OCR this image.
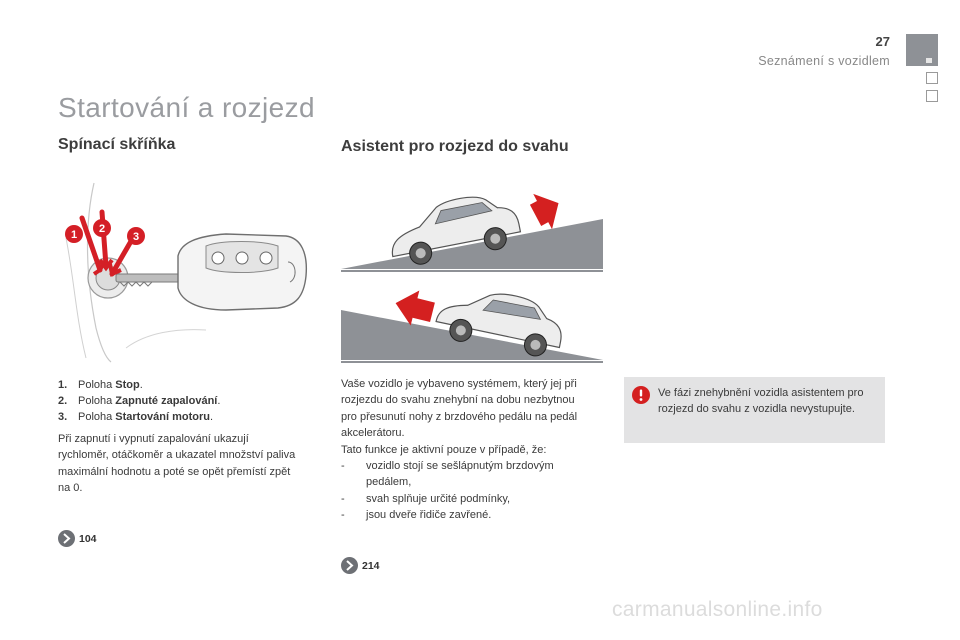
27
Seznámení s vozidlem
Startování a rozjezd
Spínací skříňka	Asistent pro rozjezd do svahu
1 2
3
1. Poloha Stop.
2. Poloha Zapnuté zapalování.
3. Poloha Startování motoru.

Při zapnutí i vypnutí zapalování ukazují rychloměr, otáčkoměr a ukazatel množství paliva maximální hodnotu a poté se opět přemístí zpět na 0.

104

Vaše vozidlo je vybaveno systémem, který jej při rozjezdu do svahu znehybní na dobu nezbytnou pro přesunutí nohy z brzdového pedálu na pedál akcelerátoru.
Tato funkce je aktivní pouze v případě, že:

-	vozidlo stojí se sešlápnutým brzdovým pedálem,
-	svah splňuje určité podmínky,
-	jsou dveře řidiče zavřené.
214

Ve fázi znehybnění vozidla asistentem pro rozjezd do svahu z vozidla nevystupujte.

carmanualsonline.info
